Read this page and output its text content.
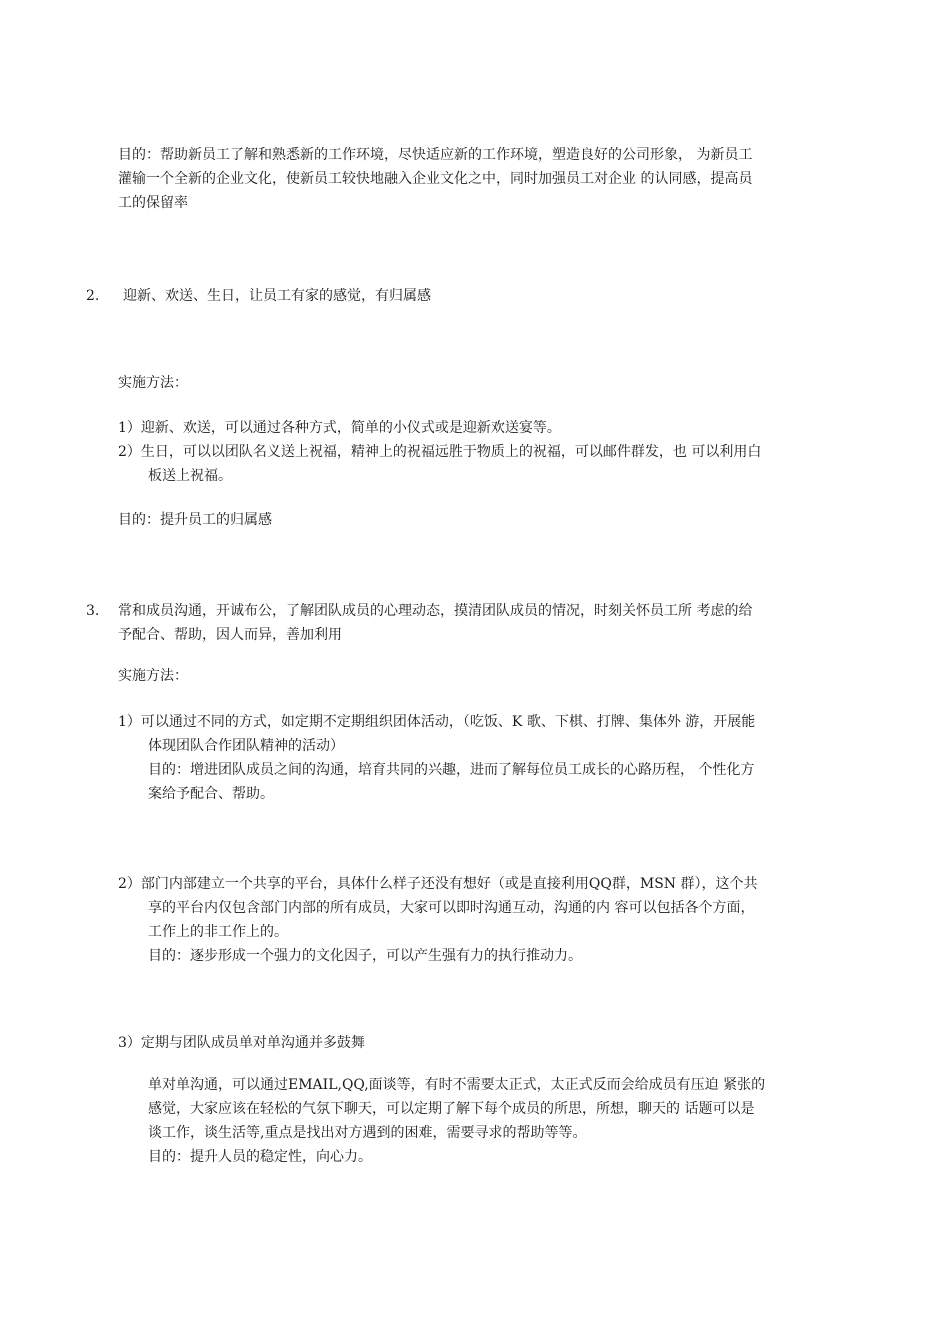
目的：帮助新员工了解和熟悉新的工作环境，尽快适应新的工作环境，塑造良好的公司形象， 为新员工
灌输一个全新的企业文化，使新员工较快地融入企业文化之中，同时加强员工对企业 的认同感，提高员
工的保留率
2. 迎新、欢送、生日，让员工有家的感觉，有归属感
实施方法：
1）迎新、欢送，可以通过各种方式，简单的小仪式或是迎新欢送宴等。
2）生日，可以以团队名义送上祝福，精神上的祝福远胜于物质上的祝福，可以邮件群发，也 可以利用白
板送上祝福。
目的：提升员工的归属感
3. 常和成员沟通，开诚布公，了解团队成员的心理动态，摸清团队成员的情况，时刻关怀员工所 考虑的给
予配合、帮助，因人而异，善加利用
实施方法：
1）可以通过不同的方式，如定期不定期组织团体活动，（吃饭、K 歌、下棋、打牌、集体外 游，开展能
体现团队合作团队精神的活动）
目的：增进团队成员之间的沟通，培育共同的兴趣，进而了解每位员工成长的心路历程， 个性化方
案给予配合、帮助。
2）部门内部建立一个共享的平台，具体什么样子还没有想好（或是直接利用QQ群，MSN 群），这个共
享的平台内仅包含部门内部的所有成员，大家可以即时沟通互动，沟通的内 容可以包括各个方面，
工作上的非工作上的。
目的：逐步形成一个强力的文化因子，可以产生强有力的执行推动力。
3）定期与团队成员单对单沟通并多鼓舞
单对单沟通，可以通过EMAIL,QQ,面谈等，有时不需要太正式，太正式反而会给成员有压迫 紧张的
感觉，大家应该在轻松的气氛下聊天，可以定期了解下每个成员的所思，所想，聊天的 话题可以是
谈工作，谈生活等,重点是找出对方遇到的困难，需要寻求的帮助等等。
目的：提升人员的稳定性，向心力。
